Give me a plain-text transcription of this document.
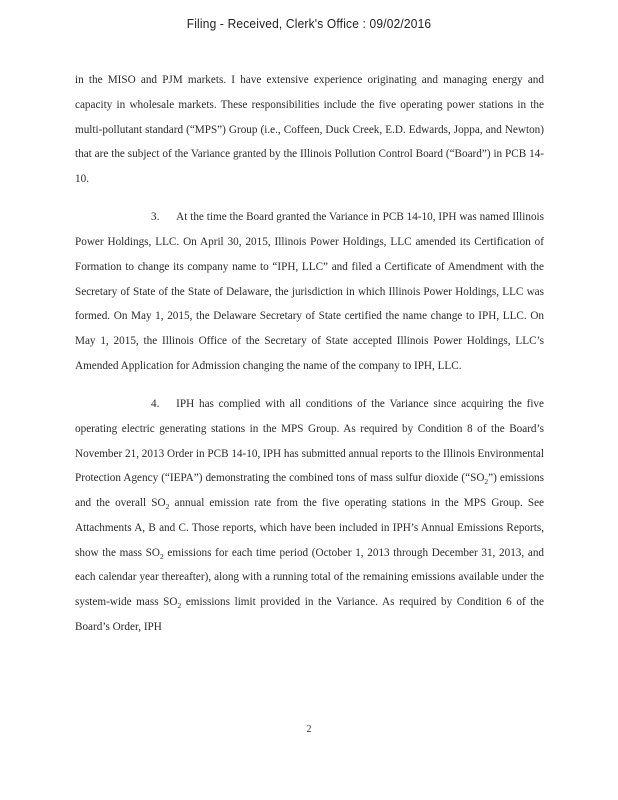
Filing - Received, Clerk's Office : 09/02/2016

in the MISO and PJM markets. I have extensive experience originating and managing energy and capacity in wholesale markets. These responsibilities include the five operating power stations in the multi-pollutant standard (“MPS”) Group (i.e., Coffeen, Duck Creek, E.D. Edwards, Joppa, and Newton) that are the subject of the Variance granted by the Illinois Pollution Control Board (“Board”) in PCB 14-10.

3.   At the time the Board granted the Variance in PCB 14-10, IPH was named Illinois Power Holdings, LLC. On April 30, 2015, Illinois Power Holdings, LLC amended its Certification of Formation to change its company name to “IPH, LLC” and filed a Certificate of Amendment with the Secretary of State of the State of Delaware, the jurisdiction in which Illinois Power Holdings, LLC was formed. On May 1, 2015, the Delaware Secretary of State certified the name change to IPH, LLC. On May 1, 2015, the Illinois Office of the Secretary of State accepted Illinois Power Holdings, LLC’s Amended Application for Admission changing the name of the company to IPH, LLC.

4.   IPH has complied with all conditions of the Variance since acquiring the five operating electric generating stations in the MPS Group. As required by Condition 8 of the Board’s November 21, 2013 Order in PCB 14-10, IPH has submitted annual reports to the Illinois Environmental Protection Agency (“IEPA”) demonstrating the combined tons of mass sulfur dioxide $(“SO_2”)$ emissions and the overall $SO_2$ annual emission rate from the five operating stations in the MPS Group. See Attachments A, B and C. Those reports, which have been included in IPH’s Annual Emissions Reports, show the mass $SO_2$ emissions for each time period (October 1, 2013 through December 31, 2013, and each calendar year thereafter), along with a running total of the remaining emissions available under the system-wide mass $SO_2$ emissions limit provided in the Variance. As required by Condition 6 of the Board’s Order, IPH

2
